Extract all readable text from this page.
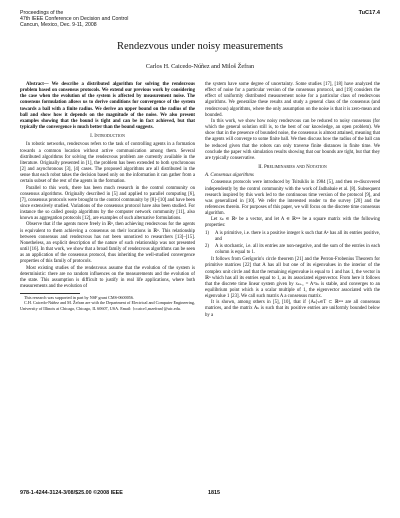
Proceedings of the
47th IEEE Conference on Decision and Control
Cancun, Mexico, Dec. 9-11, 2008
TuC17.4
Rendezvous under noisy measurements
Carlos H. Caicedo-Núñez and Miloš Žefran

Abstract— We describe a distributed algorithm for solving the rendezvous problem based on consensus protocols. We extend our previous work by considering the case when the evolution of the system is affected by measurement noise. The consensus formulation allows us to derive conditions for convergence of the system towards a ball with a finite radius. We derive an upper bound on the radius of the ball and show how it depends on the magnitude of the noise. We also present examples showing that the bound is tight and can be in fact achieved, but that typically the convergence is much better than the bound suggests.

I. Introduction

In robotic networks, rendezvous refers to the task of controlling agents in a formation towards a common location without active communication among them. Several distributed algorithms for solving the rendezvous problem are currently available in the literature. Originally presented in [1], the problem has been extended to both synchronous [2] and asynchronous [3], [4] cases. The proposed algorithms are all distributed in the sense that each robot takes the decision based only on the information it can gather from a certain subset of the rest of the agents in the formation.

Parallel to this work, there has been much research in the control community on consensus algorithms. Originally described in [5] and applied to parallel computing [6], [7], consensus protocols were brought to the control community by [8]–[10] and have been since extensively studied. Variations of the consensus protocol have also been studied. For instance the so called gossip algorithms by the computer network community [11], also known as aggregation protocols [12], are examples of such alternative formulations.

Observe that if the agents move freely in ℝⁿ, then achieving rendezvous for the agents is equivalent to them achieving a consensus on their locations in ℝⁿ. This relationship between consensus and rendezvous has not been unnoticed to researchers [13]–[15]. Nonetheless, an explicit description of the nature of such relationship was not presented until [16]. In that work, we show that a broad family of rendezvous algorithms can be seen as an application of the consensus protocol, thus inheriting the well-studied convergence properties of this family of protocols.

Most existing studies of the rendezvous assume that the evolution of the system is deterministic: there are no random influences on the measurements and the evolution of the state. This assumption is difficult to justify in real life applications, where both measurements and the evolution of

This research was supported in part by NSF grant CMS-0600056.
C.H. Caicedo-Núñez and M. Žefran are with the Department of Electrical and Computer Engineering, University of Illinois at Chicago, Chicago, IL 60607, USA. Email: {ccaice1,mzefran}@uic.edu.

the system have some degree of uncertainty. Some studies [17], [18] have analyzed the effect of noise for a particular version of the consensus protocol, and [19] considers the effect of uniformly distributed measurement noise for a particular class of rendezvous algorithms. We generalize these results and study a general class of the consensus (and rendezvous) algorithms, where the only assumption on the noise is that it is zero-mean and bounded.

In this work, we show how noisy rendezvous can be reduced to noisy consensus (for which the general solution still is, to the best of our knowledge, an open problem). We show that in the presence of bounded noise, the consensus is almost attained, meaning that the agents will converge to some finite ball. We then discuss how the radius of the ball can be reduced given that the robots can only traverse finite distances in finite time. We conclude the paper with simulation results showing that our bounds are tight, but that they are typically conservative.

II. Preliminaries and Notation
A. Consensus algorithms

Consensus protocols were introduced by Tsitsiklis in 1984 [5], and then re-discovered independently by the control community with the work of Jadbabaie et al. [8]. Subsequent research inspired by this work led to the continuous time version of the protocol [9], and was generalized in [10]. We refer the interested reader to the survey [20] and the references therein. For purposes of this paper, we will focus on the discrete time consensus algorithm.

Let xₖ ∈ ℝⁿ be a vector, and let A ∈ ℝⁿˣⁿ be a square matrix with the following properties:

1) A is primitive, i.e. there is a positive integer k such that Aᵏ has all its entries positive, and
2) A is stochastic, i.e. all its entries are non-negative, and the sum of the entries in each column is equal to 1.

It follows from Gerŝgorin's circle theorem [21] and the Perron-Frobenius Theorem for primitive matrices [22] that A has all but one of its eigenvalues in the interior of the complex unit circle and that the remaining eigenvalue is equal to 1 and has 1, the vector in ℝⁿ which has all its entries equal to 1, as its associated eigenvector. From here it follows that the discrete time linear system given by xₖ₊₁ = Aᵀxₖ is stable, and converges to an equilibrium point which is a scalar multiple of 1, the eigenvector associated with the eigenvalue 1 [23]. We call such matrix A a consensus matrix.

It is shown, among others in [5], [10], that if {Aₖ}ₖ∈T ⊂ ℝⁿˣⁿ are all consensus matrices, and the matrix Aₖ is such that its positive entries are uniformly bounded below by a

978-1-4244-3124-3/08/$25.00 ©2008 IEEE	1815
